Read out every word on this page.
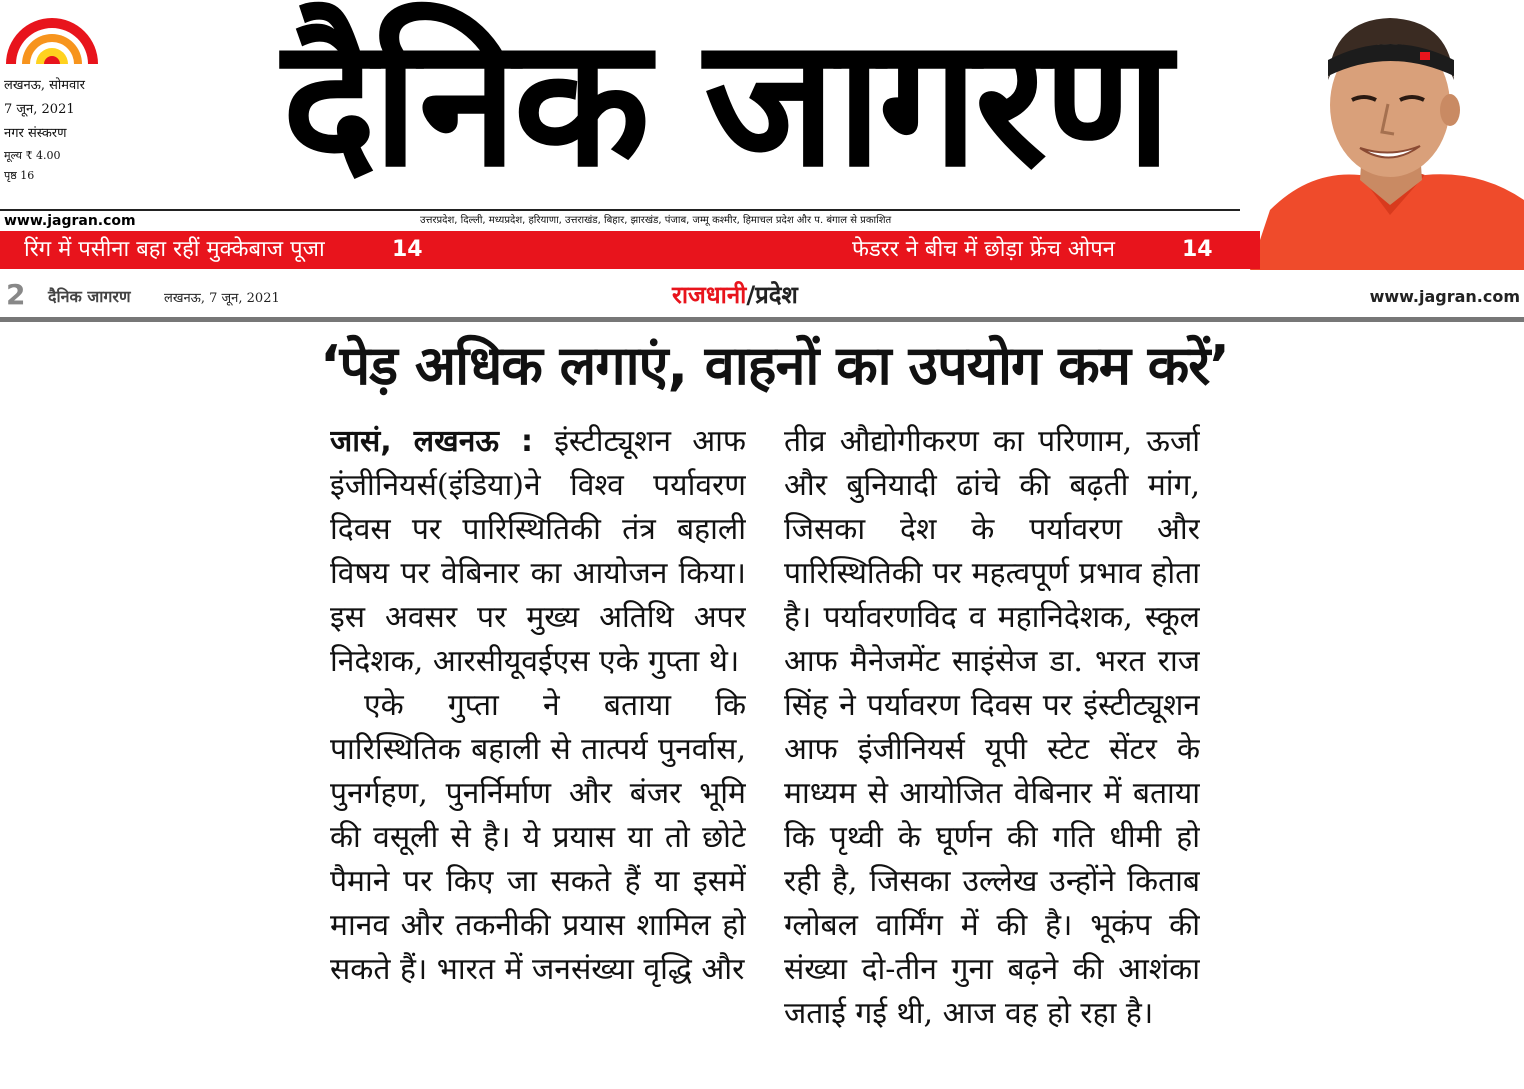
लखनऊ, सोमवार
7 जून, 2021
नगर संस्करण
मूल्य ₹ 4.00
पृष्ठ 16	दैनिक जागरण
www.jagran.com	उत्तरप्रदेश, दिल्ली, मध्यप्रदेश, हरियाणा, उत्तराखंड, बिहार, झारखंड, पंजाब, जम्मू कश्मीर, हिमाचल प्रदेश और प. बंगाल से प्रकाशित
रिंग में पसीना बहा रहीं मुक्केबाज पूजा	14	फेडरर ने बीच में छोड़ा फ्रेंच ओपन	14
2 दैनिक जागरण	लखनऊ, 7 जून, 2021	राजधानी/प्रदेश	www.jagran.com
‘पेड़ अधिक लगाएं, वाहनों का उपयोग कम करें’

जासं, लखनऊ : इंस्टीट्यूशन आफ इंजीनियर्स(इंडिया)ने विश्व पर्यावरण दिवस पर पारिस्थितिकी तंत्र बहाली विषय पर वेबिनार का आयोजन किया। इस अवसर पर मुख्य अतिथि अपर निदेशक, आरसीयूवईएस एके गुप्ता थे।

एके गुप्ता ने बताया कि पारिस्थितिक बहाली से तात्पर्य पुनर्वास, पुनर्गहण, पुनर्निर्माण और बंजर भूमि की वसूली से है। ये प्रयास या तो छोटे पैमाने पर किए जा सकते हैं या इसमें मानव और तकनीकी प्रयास शामिल हो सकते हैं। भारत में जनसंख्या वृद्धि और

तीव्र औद्योगीकरण का परिणाम, ऊर्जा और बुनियादी ढांचे की बढ़ती मांग, जिसका देश के पर्यावरण और पारिस्थितिकी पर महत्वपूर्ण प्रभाव होता है। पर्यावरणविद व महानिदेशक, स्कूल आफ मैनेजमेंट साइंसेज डा. भरत राज सिंह ने पर्यावरण दिवस पर इंस्टीट्यूशन आफ इंजीनियर्स यूपी स्टेट सेंटर के माध्यम से आयोजित वेबिनार में बताया कि पृथ्वी के घूर्णन की गति धीमी हो रही है, जिसका उल्लेख उन्होंने किताब ग्लोबल वार्मिंग में की है। भूकंप की संख्या दो-तीन गुना बढ़ने की आशंका जताई गई थी, आज वह हो रहा है।
